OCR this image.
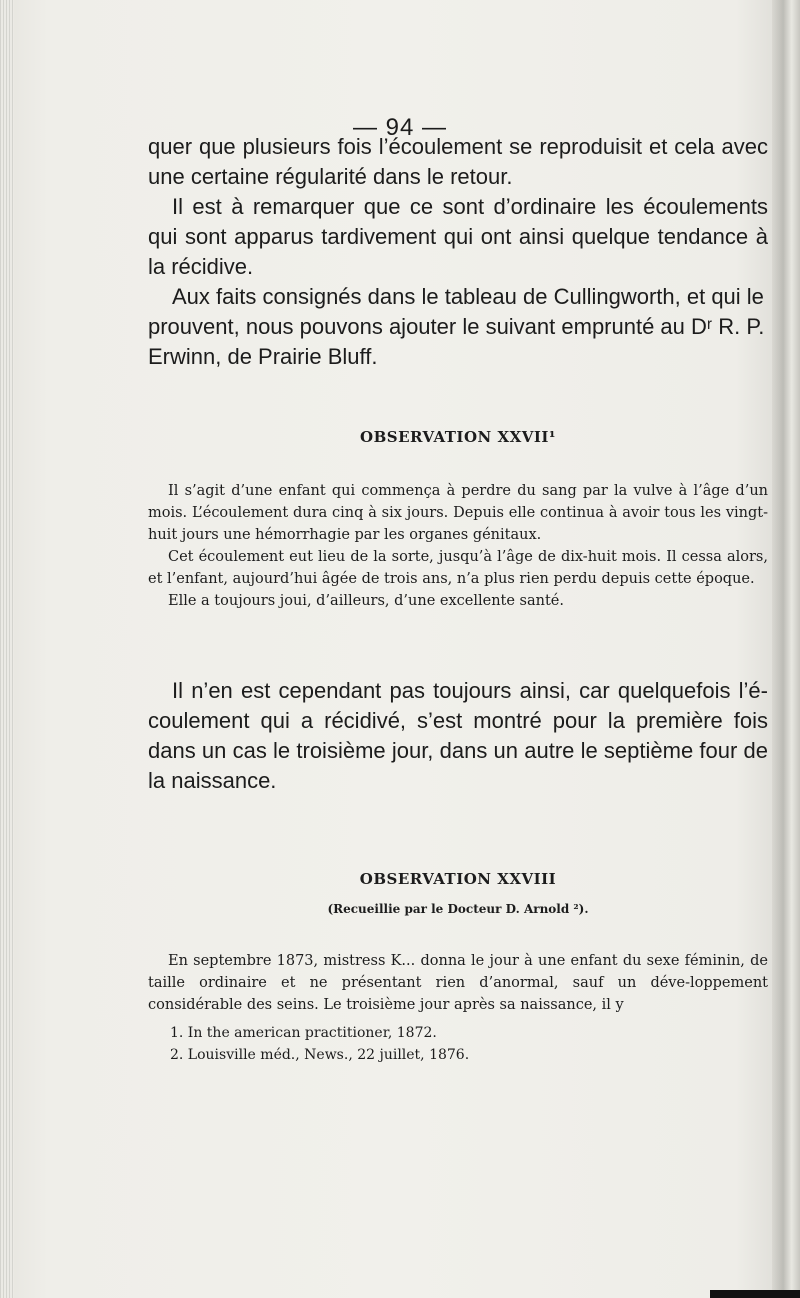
— 94 —

quer que plusieurs fois l’écoulement se reproduisit et cela avec une certaine régularité dans le retour.

Il est à remarquer que ce sont d’ordinaire les écoulements qui sont apparus tardivement qui ont ainsi quelque tendance à la récidive.

Aux faits consignés dans le tableau de Cullingworth, et qui le prouvent, nous pouvons ajouter le suivant emprunté au Dʳ R. P. Erwinn, de Prairie Bluff.

OBSERVATION XXVII¹

Il s’agit d’une enfant qui commença à perdre du sang par la vulve à l’âge d’un mois. L’écoulement dura cinq à six jours. Depuis elle continua à avoir tous les vingt-huit jours une hémorrhagie par les organes génitaux.

Cet écoulement eut lieu de la sorte, jusqu’à l’âge de dix-huit mois. Il cessa alors, et l’enfant, aujourd’hui âgée de trois ans, n’a plus rien perdu depuis cette époque.

Elle a toujours joui, d’ailleurs, d’une excellente santé.

Il n’en est cependant pas toujours ainsi, car quelquefois l’é-coulement qui a récidivé, s’est montré pour la première fois dans un cas le troisième jour, dans un autre le septième four de la naissance.

OBSERVATION XXVIII
(Recueillie par le Docteur D. Arnold ²).

En septembre 1873, mistress K... donna le jour à une enfant du sexe féminin, de taille ordinaire et ne présentant rien d’anormal, sauf un déve-loppement considérable des seins. Le troisième jour après sa naissance, il y

1. In the american practitioner, 1872.
2. Louisville méd., News., 22 juillet, 1876.
